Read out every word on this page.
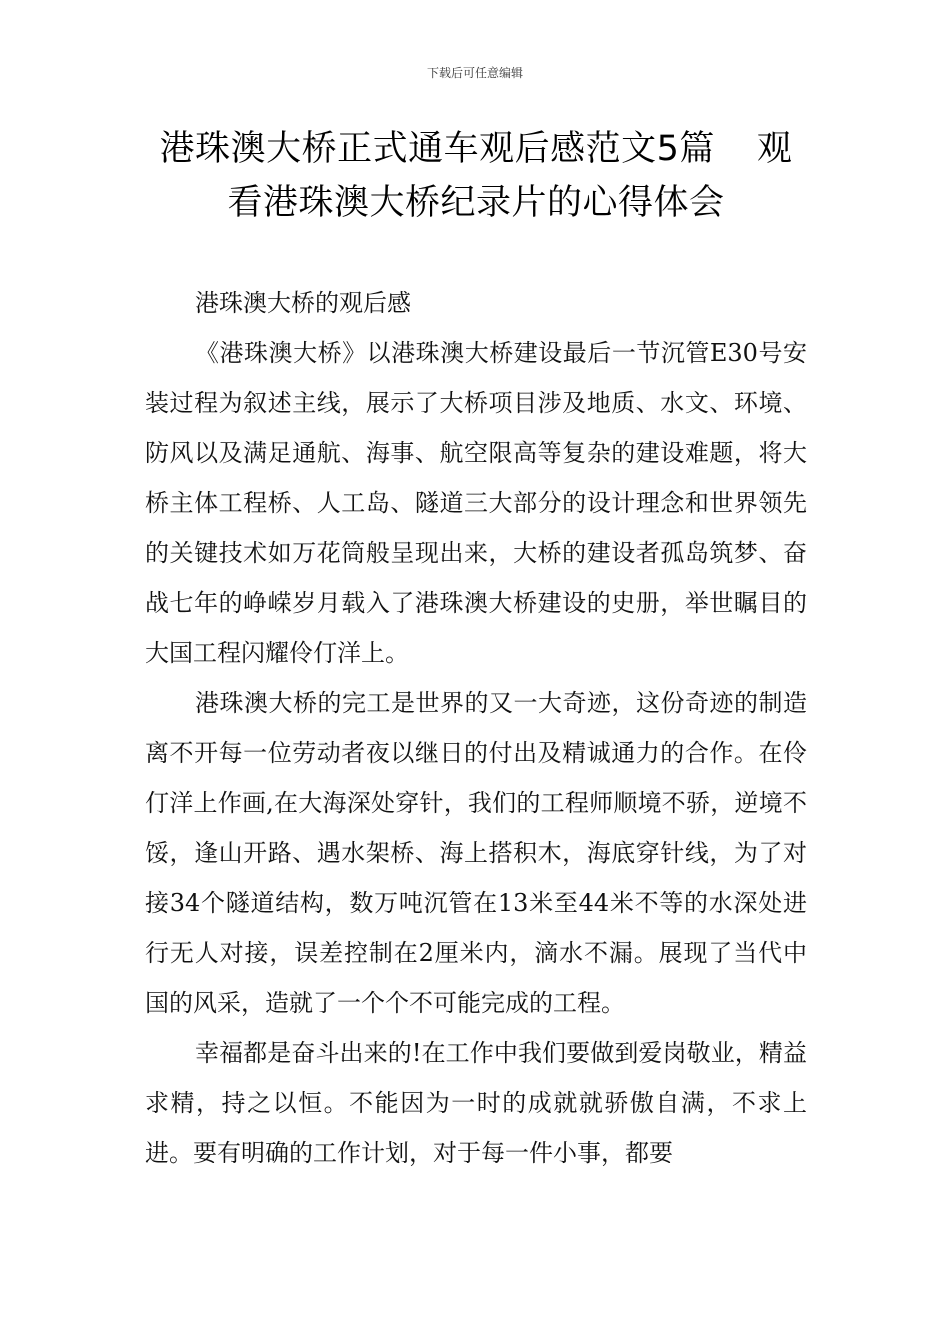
下载后可任意编辑
港珠澳大桥正式通车观后感范文5篇 观看港珠澳大桥纪录片的心得体会

港珠澳大桥的观后感

《港珠澳大桥》以港珠澳大桥建设最后一节沉管E30号安装过程为叙述主线，展示了大桥项目涉及地质、水文、环境、防风以及满足通航、海事、航空限高等复杂的建设难题，将大桥主体工程桥、人工岛、隧道三大部分的设计理念和世界领先的关键技术如万花筒般呈现出来，大桥的建设者孤岛筑梦、奋战七年的峥嵘岁月载入了港珠澳大桥建设的史册，举世瞩目的大国工程闪耀伶仃洋上。

港珠澳大桥的完工是世界的又一大奇迹，这份奇迹的制造离不开每一位劳动者夜以继日的付出及精诚通力的合作。在伶仃洋上作画,在大海深处穿针，我们的工程师顺境不骄，逆境不馁，逢山开路、遇水架桥、海上搭积木，海底穿针线，为了对接34个隧道结构，数万吨沉管在13米至44米不等的水深处进行无人对接，误差控制在2厘米内，滴水不漏。展现了当代中国的风采，造就了一个个不可能完成的工程。

幸福都是奋斗出来的!在工作中我们要做到爱岗敬业，精益求精，持之以恒。不能因为一时的成就就骄傲自满，不求上进。要有明确的工作计划，对于每一件小事，都要
